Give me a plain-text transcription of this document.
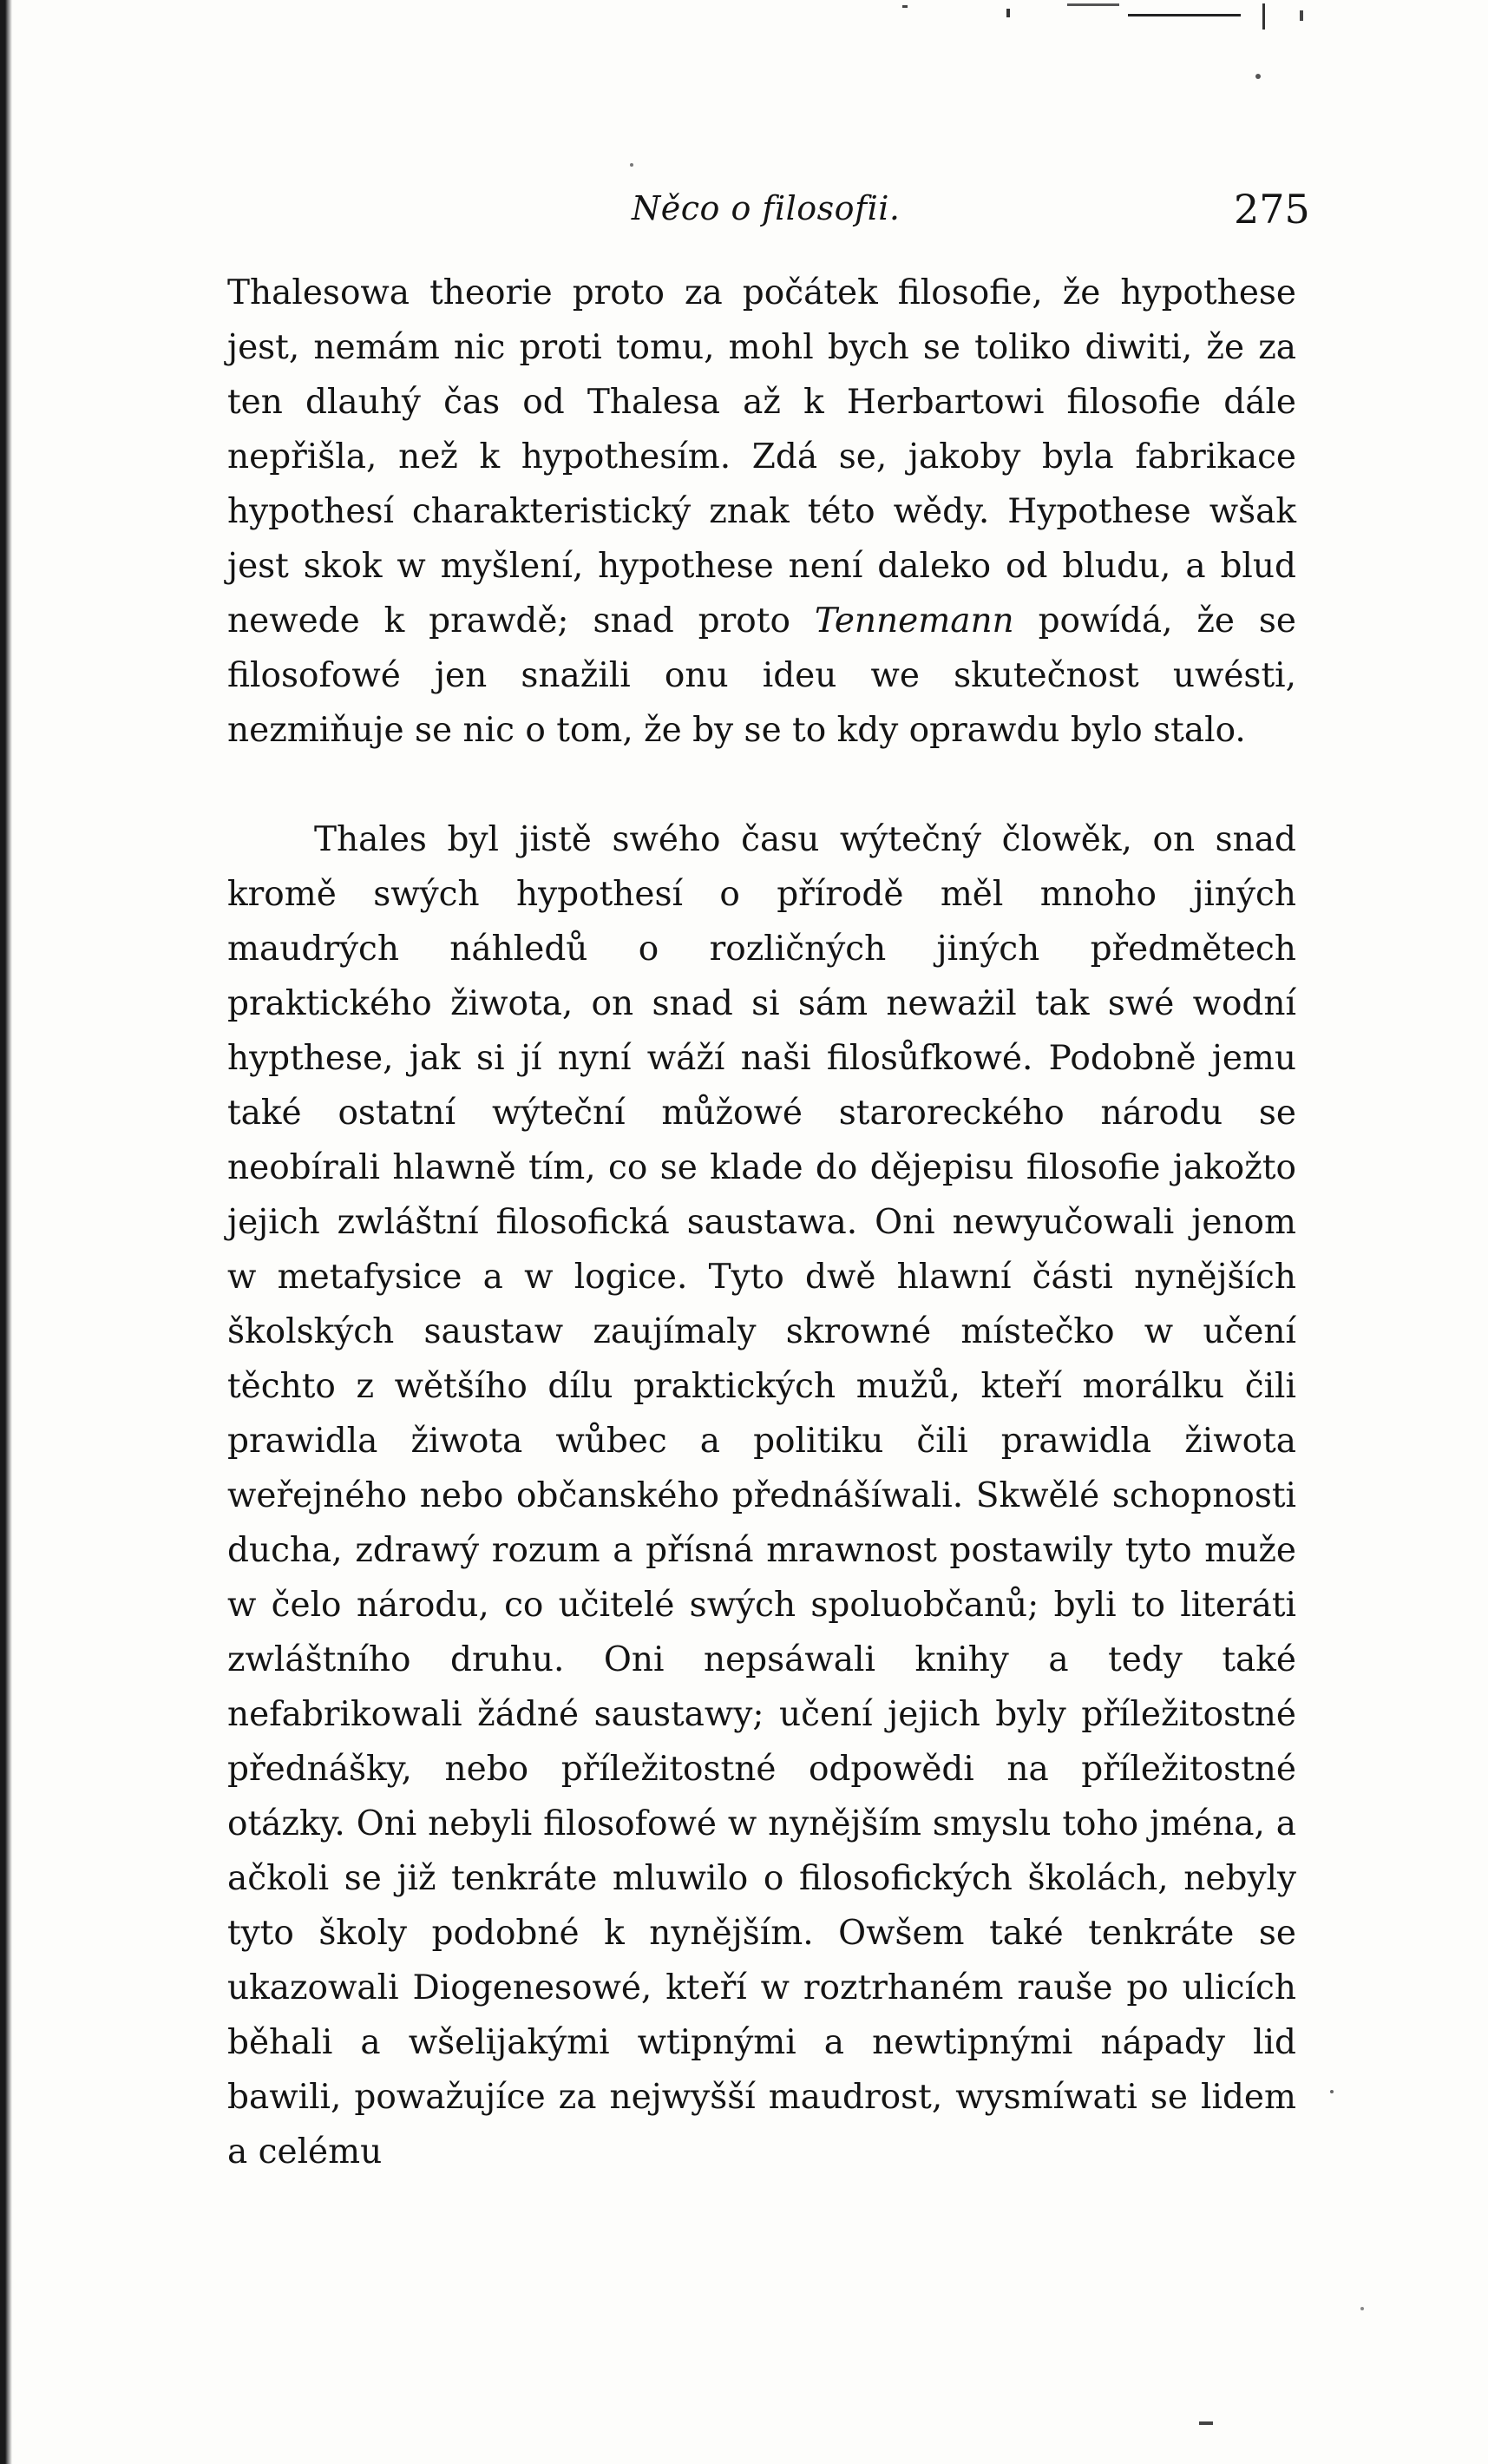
Něco o filosofii.	275

Thalesowa theorie proto za počátek filosofie, že hypothese jest, nemám nic proti tomu, mohl bych se toliko diwiti, že za ten dlauhý čas od Thalesa až k Herbartowi filosofie dále nepřišla, než k hypothesím. Zdá se, jakoby byla fabrikace hypothesí charakteristický znak této wědy. Hypothese wšak jest skok w myšlení, hypothese není daleko od bludu, a blud newede k prawdě; snad proto Tennemann powídá, že se filosofowé jen snažili onu ideu we skutečnost uwésti, nezmiňuje se nic o tom, že by se to kdy oprawdu bylo stalo.

Thales byl jistě swého času wýtečný člowěk, on snad kromě swých hypothesí o přírodě měl mnoho jiných maudrých náhledů o rozličných jiných předmětech praktického žiwota, on snad si sám neważil tak swé wodní hypthese, jak si jí nyní wáží naši filosůfkowé. Podobně jemu také ostatní wýteční můžowé staroreckého národu se neobírali hlawně tím, co se klade do dějepisu filosofie jakožto jejich zwláštní filosofická saustawa. Oni newyučowali jenom w metafysice a w logice. Tyto dwě hlawní části nynějších školských saustaw zaujímaly skrowné místečko w učení těchto z wětšího dílu praktických mužů, kteří morálku čili prawidla žiwota wůbec a politiku čili prawidla žiwota weřejného nebo občanského přednášíwali. Skwělé schopnosti ducha, zdrawý rozum a přísná mrawnost postawily tyto muže w čelo národu, co učitelé swých spoluobčanů; byli to literáti zwláštního druhu. Oni nepsáwali knihy a tedy také nefabrikowali žádné saustawy; učení jejich byly příležitostné přednášky, nebo příležitostné odpowědi na příležitostné otázky. Oni nebyli filosofowé w nynějším smyslu toho jména, a ačkoli se již tenkráte mluwilo o filosofických školách, nebyly tyto školy podobné k nynějším. Owšem také tenkráte se ukazowali Diogenesowé, kteří w roztrhaném rauše po ulicích běhali a wšelijakými wtipnými a newtipnými nápady lid bawili, powažujíce za nejwyšší maudrost, wysmíwati se lidem a celému
